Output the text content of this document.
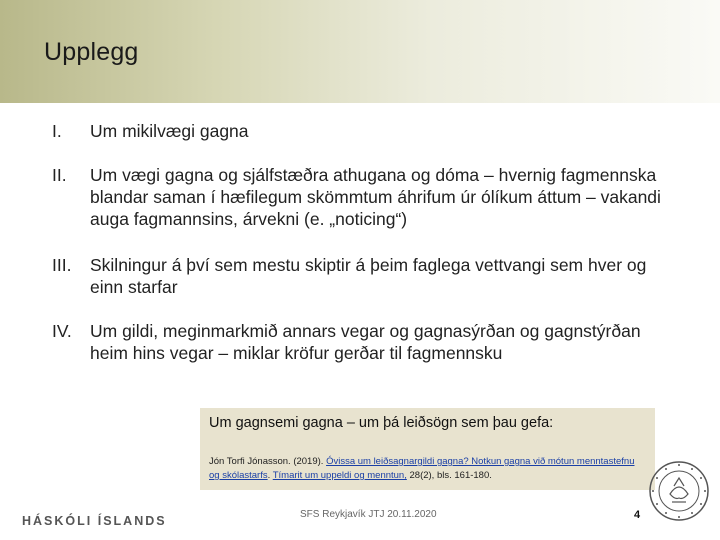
Upplegg
I.	Um mikilvægi gagna
II.	Um vægi gagna og sjálfstæðra athugana og dóma – hvernig fagmennska blandar saman í hæfilegum skömmtum áhrifum úr ólíkum áttum – vakandi auga fagmannsins, árvekni (e. „noticing“)
III.	Skilningur á því sem mestu skiptir á þeim faglega vettvangi sem hver og einn starfar
IV.	Um gildi, meginmarkmið annars vegar og gagnasýrðan og gagnstýrðan heim hins vegar – miklar kröfur gerðar til fagmennsku
Um gagnsemi gagna – um þá leiðsögn sem þau gefa:
Jón Torfi Jónasson. (2019). Óvissa um leiðsagnargildi gagna? Notkun gagna við mótun menntastefnu og skólastarfs. Tímarit um uppeldi og menntun, 28(2), bls. 161-180.
HÁSKÓLI ÍSLANDS	SFS Reykjavík JTJ 20.11.2020	4
